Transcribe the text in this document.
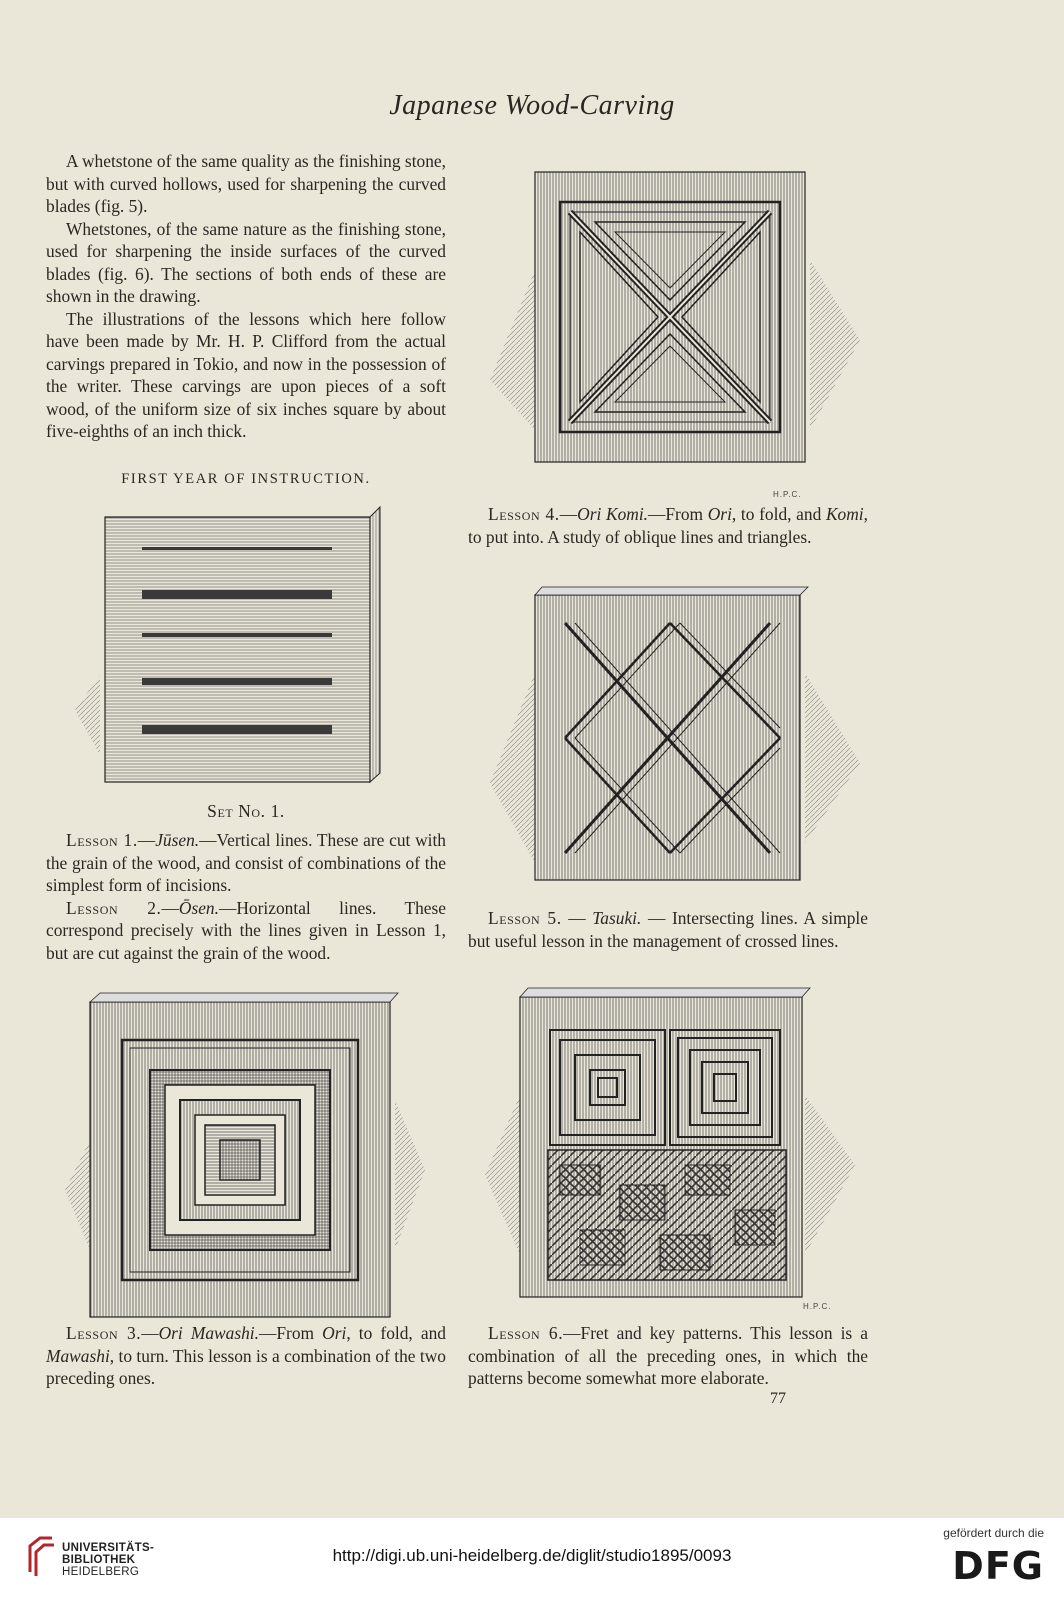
Japanese Wood-Carving

A whetstone of the same quality as the finishing stone, but with curved hollows, used for sharpening the curved blades (fig. 5).

Whetstones, of the same nature as the finishing stone, used for sharpening the inside surfaces of the curved blades (fig. 6). The sections of both ends of these are shown in the drawing.

The illustrations of the lessons which here follow have been made by Mr. H. P. Clifford from the actual carvings prepared in Tokio, and now in the possession of the writer. These carvings are upon pieces of a soft wood, of the uniform size of six inches square by about five-eighths of an inch thick.

FIRST YEAR OF INSTRUCTION.
Set No. 1.

Lesson 1.—Jūsen.—Vertical lines. These are cut with the grain of the wood, and consist of combinations of the simplest form of incisions.

Lesson 2.—Ōsen.—Horizontal lines. These correspond precisely with the lines given in Lesson 1, but are cut against the grain of the wood.

Lesson 3.—Ori Mawashi.—From Ori, to fold, and Mawashi, to turn. This lesson is a combination of the two preceding ones.

H.P.C.

Lesson 4.—Ori Komi.—From Ori, to fold, and Komi, to put into. A study of oblique lines and triangles.

Lesson 5. — Tasuki. — Intersecting lines. A simple but useful lesson in the management of crossed lines.

H.P.C.

Lesson 6.—Fret and key patterns. This lesson is a combination of all the preceding ones, in which the patterns become somewhat more elaborate.

77
UNIVERSITÄTS-
BIBLIOTHEK
HEIDELBERG
http://digi.ub.uni-heidelberg.de/diglit/studio1895/0093
gefördert durch die
DFG
